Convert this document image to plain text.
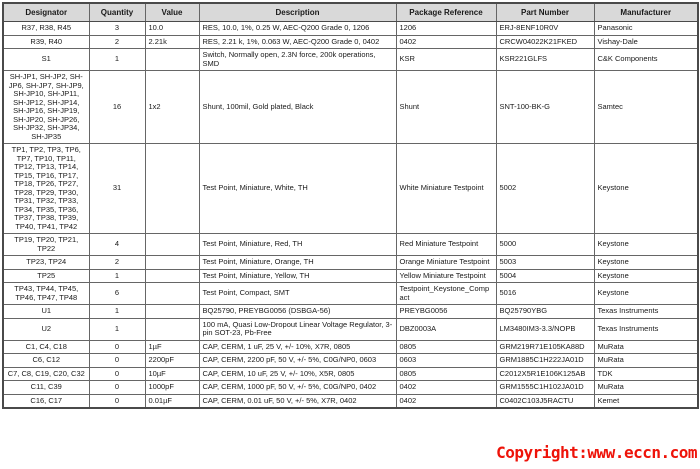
Designator	Quantity	Value	Description	Package Reference	Part Number	Manufacturer
R37, R38, R45	3	10.0	RES, 10.0, 1%, 0.25 W, AEC-Q200 Grade 0, 1206	1206	ERJ-8ENF10R0V	Panasonic
R39, R40	2	2.21k	RES, 2.21 k, 1%, 0.063 W, AEC-Q200 Grade 0, 0402	0402	CRCW04022K21FKED	Vishay-Dale
S1	1		Switch, Normally open, 2.3N force, 200k operations, SMD	KSR	KSR221GLFS	C&K Components
SH-JP1, SH-JP2, SH-JP6, SH-JP7, SH-JP9, SH-JP10, SH-JP11, SH-JP12, SH-JP14, SH-JP16, SH-JP19, SH-JP20, SH-JP26, SH-JP32, SH-JP34, SH-JP35	16	1x2	Shunt, 100mil, Gold plated, Black	Shunt	SNT-100-BK-G	Samtec
TP1, TP2, TP3, TP6, TP7, TP10, TP11, TP12, TP13, TP14, TP15, TP16, TP17, TP18, TP26, TP27, TP28, TP29, TP30, TP31, TP32, TP33, TP34, TP35, TP36, TP37, TP38, TP39, TP40, TP41, TP42	31		Test Point, Miniature, White, TH	White Miniature Testpoint	5002	Keystone
TP19, TP20, TP21, TP22	4		Test Point, Miniature, Red, TH	Red Miniature Testpoint	5000	Keystone
TP23, TP24	2		Test Point, Miniature, Orange, TH	Orange Miniature Testpoint	5003	Keystone
TP25	1		Test Point, Miniature, Yellow, TH	Yellow Miniature Testpoint	5004	Keystone
TP43, TP44, TP45, TP46, TP47, TP48	6		Test Point, Compact, SMT	Testpoint_Keystone_Compact	5016	Keystone
U1	1		BQ25790, PREYBG0056 (DSBGA-56)	PREYBG0056	BQ25790YBG	Texas Instruments
U2	1		100 mA, Quasi Low-Dropout Linear Voltage Regulator, 3-pin SOT-23, Pb-Free	DBZ0003A	LM3480IM3-3.3/NOPB	Texas Instruments
C1, C4, C18	0	1µF	CAP, CERM, 1 uF, 25 V, +/- 10%, X7R, 0805	0805	GRM219R71E105KA88D	MuRata
C6, C12	0	2200pF	CAP, CERM, 2200 pF, 50 V, +/- 5%, C0G/NP0, 0603	0603	GRM1885C1H222JA01D	MuRata
C7, C8, C19, C20, C32	0	10µF	CAP, CERM, 10 uF, 25 V, +/- 10%, X5R, 0805	0805	C2012X5R1E106K125AB	TDK
C11, C39	0	1000pF	CAP, CERM, 1000 pF, 50 V, +/- 5%, C0G/NP0, 0402	0402	GRM1555C1H102JA01D	MuRata
C16, C17	0	0.01µF	CAP, CERM, 0.01 uF, 50 V, +/- 5%, X7R, 0402	0402	C0402C103J5RACTU	Kemet
Copyright:www.eccn.com
